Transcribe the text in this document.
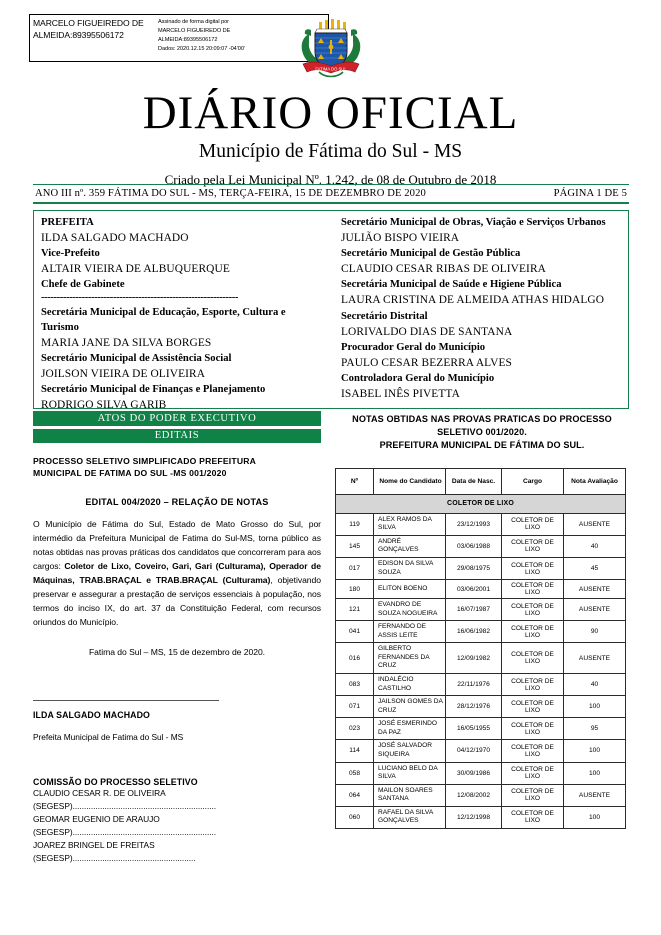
MARCELO FIGUEIREDO DE ALMEIDA:89395506172
Assinado de forma digital por
MARCELO FIGUEIREDO DE
ALMEIDA:89395506172
Dados: 2020.12.15 20:09:07 -04'00'
FATIMA DO SUL
DIÁRIO OFICIAL
Município de Fátima do Sul - MS
Criado pela Lei Municipal Nº. 1.242, de 08 de Outubro de 2018
ANO III nº. 359 FÁTIMA DO SUL - MS, TERÇA-FEIRA, 15 DE DEZEMBRO DE 2020	PÁGINA 1 DE 5
PREFEITA
ILDA SALGADO MACHADO
Vice-Prefeito
ALTAIR VIEIRA DE ALBUQUERQUE
Chefe de Gabinete
---------------------------------------------------------------
Secretária Municipal de Educação, Esporte, Cultura e Turismo
MARIA JANE DA SILVA BORGES
Secretário Municipal de Assistência Social
JOILSON VIEIRA DE OLIVEIRA
Secretário Municipal de Finanças e Planejamento
RODRIGO SILVA GARIB
Secretário Municipal de Obras, Viação e Serviços Urbanos
JULIÃO BISPO VIEIRA
Secretário Municipal de Gestão Pública
CLAUDIO CESAR RIBAS DE OLIVEIRA
Secretária Municipal de Saúde e Higiene Pública
LAURA CRISTINA DE ALMEIDA ATHAS HIDALGO
Secretário Distrital
LORIVALDO DIAS DE SANTANA
Procurador Geral do Município
PAULO CESAR BEZERRA ALVES
Controladora Geral do Município
ISABEL INÊS PIVETTA
ATOS DO PODER EXECUTIVO
EDITAIS
PROCESSO SELETIVO SIMPLIFICADO PREFEITURA
MUNICIPAL DE FATIMA DO SUL -MS 001/2020
EDITAL 004/2020 – RELAÇÃO DE NOTAS
O Município de Fátima do Sul, Estado de Mato Grosso do Sul, por intermédio da Prefeitura Municipal de Fatima do Sul-MS, torna público as notas obtidas nas provas práticas dos candidatos que concorreram para aos cargos: Coletor de Lixo, Coveiro, Gari, Gari (Culturama), Operador de Máquinas, TRAB.BRAÇAL e TRAB.BRAÇAL (Culturama), objetivando preservar e assegurar a prestação de serviços essenciais à população, nos termos do inciso IX, do art. 37 da Constituição Federal, com recursos oriundos do Município.
Fatima do Sul – MS, 15 de dezembro de 2020.
ILDA SALGADO MACHADO
Prefeita Municipal de Fatima do Sul - MS
COMISSÃO DO PROCESSO SELETIVO
CLAUDIO CESAR R. DE OLIVEIRA
(SEGESP)...............................................................
GEOMAR EUGENIO DE ARAUJO
(SEGESP)...............................................................
JOAREZ BRINGEL DE FREITAS
(SEGESP)......................................................
NOTAS OBTIDAS NAS PROVAS PRATICAS DO PROCESSO
SELETIVO 001/2020.
PREFEITURA MUNICIPAL DE FÁTIMA DO SUL.
Nº	Nome do Candidato	Data de Nasc.	Cargo	Nota Avaliação
COLETOR DE LIXO				
119	ALEX RAMOS DA SILVA	23/12/1993	COLETOR DE LIXO	AUSENTE
145	ANDRÉ GONÇALVES	03/06/1988	COLETOR DE LIXO	40
017	EDISON DA SILVA SOUZA	29/08/1975	COLETOR DE LIXO	45
180	ELITON BOENO	03/06/2001	COLETOR DE LIXO	AUSENTE
121	EVANDRO DE SOUZA NOGUEIRA	16/07/1987	COLETOR DE LIXO	AUSENTE
041	FERNANDO DE ASSIS LEITE	16/06/1982	COLETOR DE LIXO	90
016	GILBERTO FERNANDES DA CRUZ	12/09/1982	COLETOR DE LIXO	AUSENTE
083	INDALÉCIO CASTILHO	22/11/1976	COLETOR DE LIXO	40
071	JAILSON GOMES DA CRUZ	28/12/1976	COLETOR DE LIXO	100
023	JOSÉ ESMERINDO DA PAZ	16/05/1955	COLETOR DE LIXO	95
114	JOSÉ SALVADOR SIQUEIRA	04/12/1970	COLETOR DE LIXO	100
058	LUCIANO BELO DA SILVA	30/09/1986	COLETOR DE LIXO	100
064	MAILON SOARES SANTANA	12/08/2002	COLETOR DE LIXO	AUSENTE
060	RAFAEL DA SILVA GONÇALVES	12/12/1998	COLETOR DE LIXO	100
